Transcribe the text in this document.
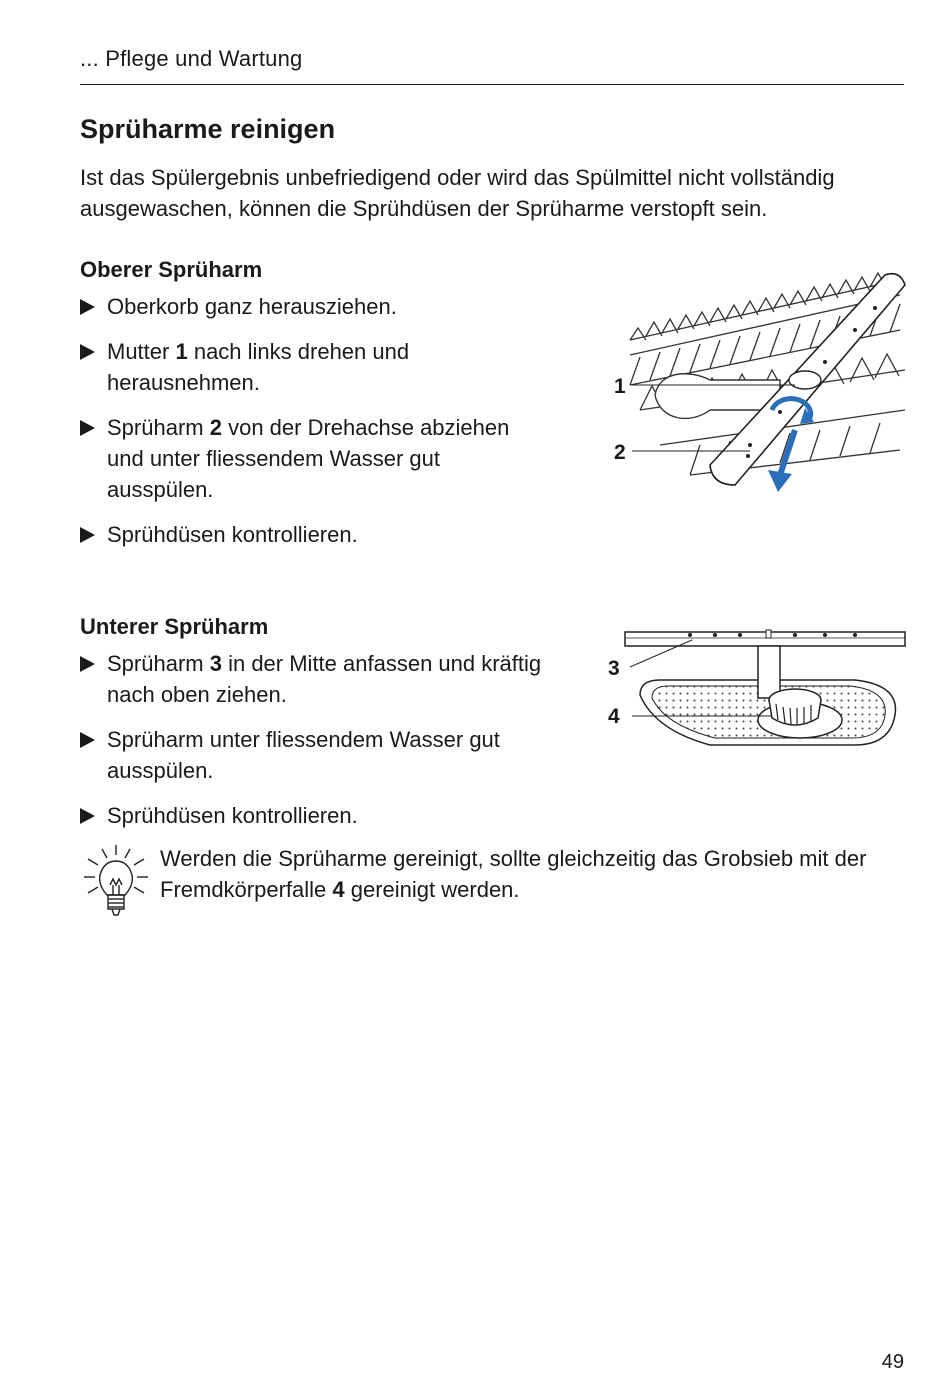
... Pflege und Wartung
Sprüharme reinigen

Ist das Spülergebnis unbefriedigend oder wird das Spülmittel nicht vollständig ausgewaschen, können die Sprühdüsen der Sprüharme verstopft sein.

Oberer Sprüharm
Oberkorb ganz herausziehen.
Mutter 1 nach links drehen und herausnehmen.
Sprüharm 2 von der Drehachse abziehen und unter fliessendem Wasser gut ausspülen.
Sprühdüsen kontrollieren.
1
2
Unterer Sprüharm
Sprüharm 3 in der Mitte anfassen und kräftig nach oben ziehen.
Sprüharm unter fliessendem Wasser gut ausspülen.
Sprühdüsen kontrollieren.
3
4

Werden die Sprüharme gereinigt, sollte gleichzeitig das Grobsieb mit der Fremdkörperfalle 4 gereinigt werden.

49
